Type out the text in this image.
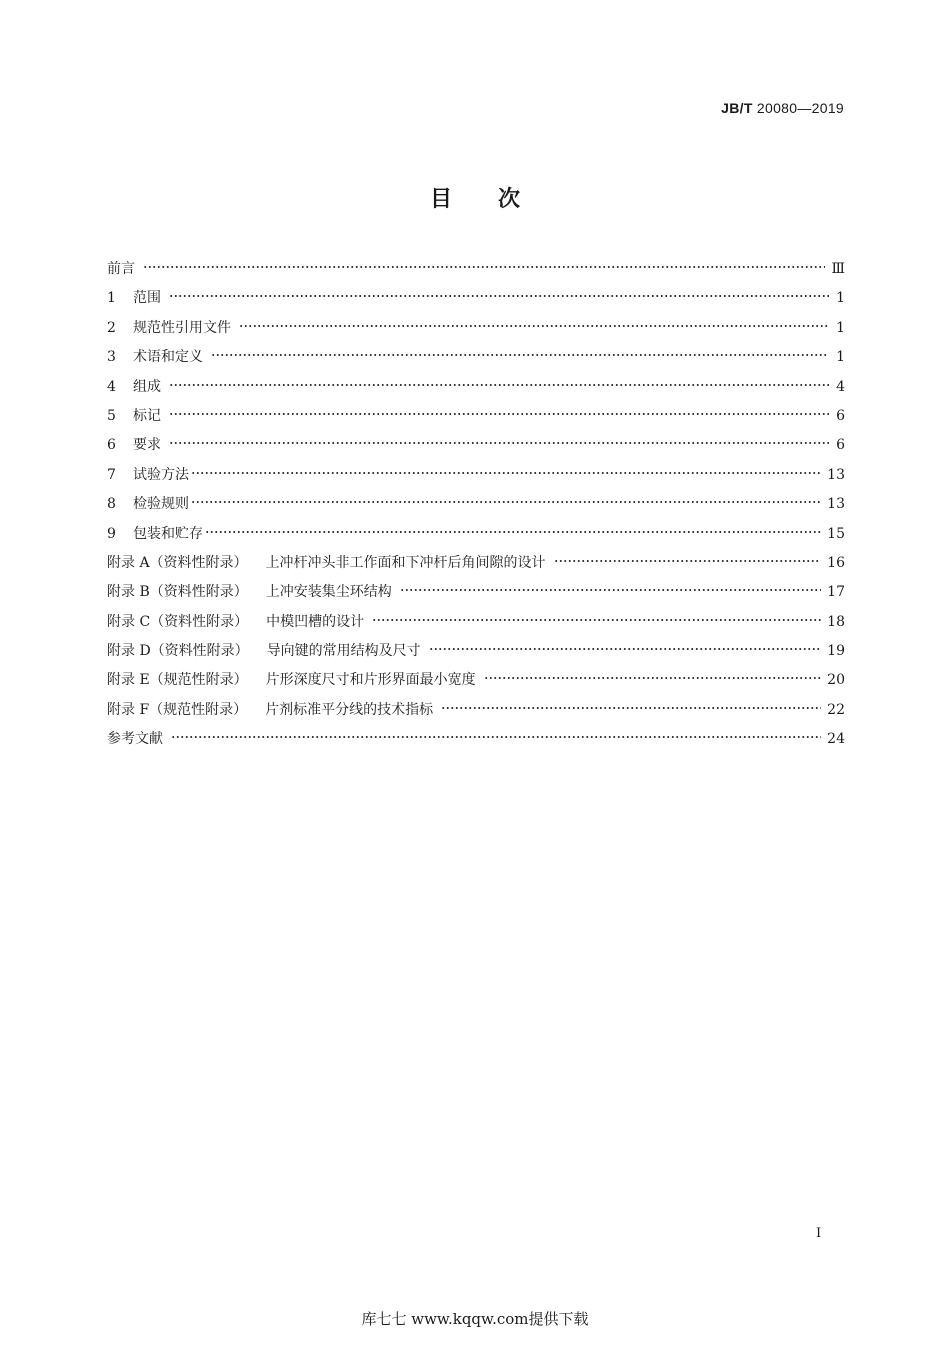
JB/T 20080—2019
目次
前言	Ⅲ
1	范围	1
2	规范性引用文件	1
3	术语和定义	1
4	组成	4
5	标记	6
6	要求	6
7	试验方法	13
8	检验规则	13
9	包装和贮存	15
附录 A（资料性附录） 上冲杆冲头非工作面和下冲杆后角间隙的设计	16
附录 B（资料性附录） 上冲安装集尘环结构	17
附录 C（资料性附录） 中模凹槽的设计	18
附录 D（资料性附录） 导向键的常用结构及尺寸	19
附录 E（规范性附录） 片形深度尺寸和片形界面最小宽度	20
附录 F（规范性附录） 片剂标准平分线的技术指标	22
参考文献	24
I
库七七 www.kqqw.com提供下载
